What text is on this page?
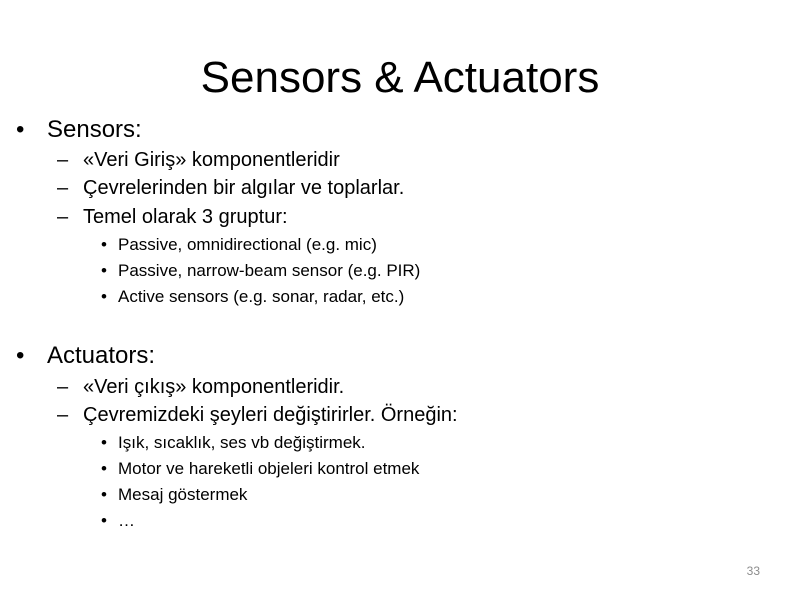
Sensors & Actuators
• Sensors:
– «Veri Giriş» komponentleridir
– Çevrelerinden bir algılar ve toplarlar.
– Temel olarak 3 gruptur:
• Passive, omnidirectional (e.g. mic)
• Passive, narrow-beam sensor (e.g. PIR)
• Active sensors (e.g. sonar, radar, etc.)
• Actuators:
– «Veri çıkış» komponentleridir.
– Çevremizdeki şeyleri değiştirirler. Örneğin:
• Işık, sıcaklık, ses vb değiştirmek.
• Motor ve hareketli objeleri kontrol etmek
• Mesaj göstermek
• …
33
